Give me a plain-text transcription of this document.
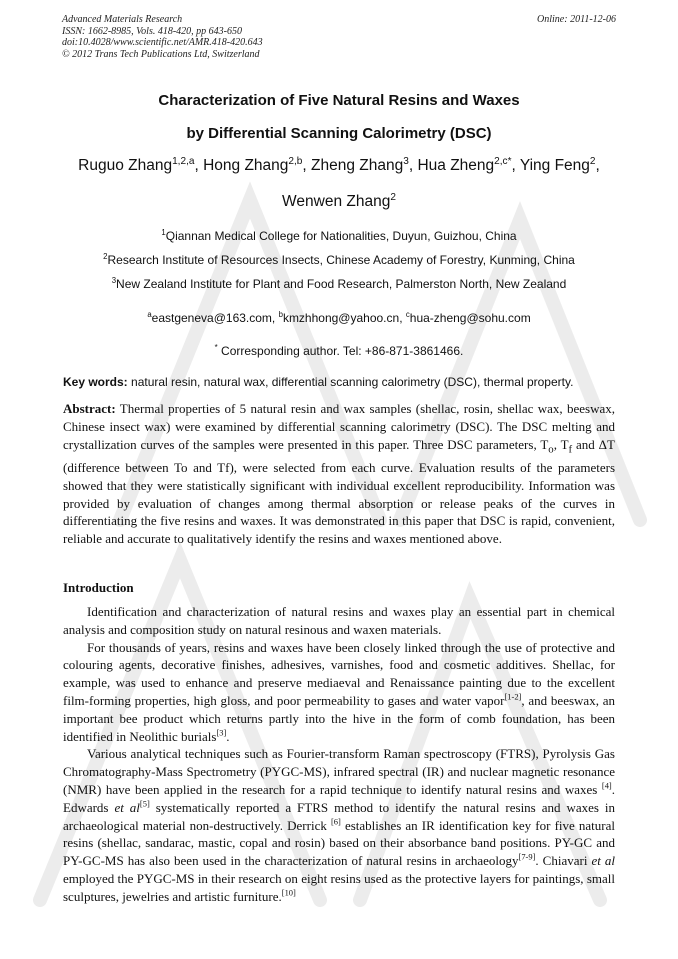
Advanced Materials Research
ISSN: 1662-8985, Vols. 418-420, pp 643-650
doi:10.4028/www.scientific.net/AMR.418-420.643
© 2012 Trans Tech Publications Ltd, Switzerland
Online: 2011-12-06
Characterization of Five Natural Resins and Waxes
by Differential Scanning Calorimetry (DSC)
Ruguo Zhang$^{1,2,a}$, Hong Zhang$^{2,b}$, Zheng Zhang$^3$, Hua Zheng$^{2,c*}$, Ying Feng$^2$,
Wenwen Zhang$^2$
$^1$Qiannan Medical College for Nationalities, Duyun, Guizhou, China
$^2$Research Institute of Resources Insects, Chinese Academy of Forestry, Kunming, China
$^3$New Zealand Institute for Plant and Food Research, Palmerston North, New Zealand
$^a$eastgeneva@163.com, $^b$kmzhhong@yahoo.cn, $^c$hua-zheng@sohu.com
* Corresponding author. Tel: +86-871-3861466.
Key words: natural resin, natural wax, differential scanning calorimetry (DSC), thermal property.

Abstract: Thermal properties of 5 natural resin and wax samples (shellac, rosin, shellac wax, beeswax, Chinese insect wax) were examined by differential scanning calorimetry (DSC). The DSC melting and crystallization curves of the samples were presented in this paper. Three DSC parameters, $T_o$, $T_f$ and ΔT (difference between To and Tf), were selected from each curve. Evaluation results of the parameters showed that they were statistically significant with individual excellent reproducibility. Information was provided by evaluation of changes among thermal absorption or release peaks of the curves in differentiating the five resins and waxes. It was demonstrated in this paper that DSC is rapid, convenient, reliable and accurate to qualitatively identify the resins and waxes mentioned above.

Introduction

Identification and characterization of natural resins and waxes play an essential part in chemical analysis and composition study on natural resinous and waxen materials.

For thousands of years, resins and waxes have been closely linked through the use of protective and colouring agents, decorative finishes, adhesives, varnishes, food and cosmetic additives. Shellac, for example, was used to enhance and preserve mediaeval and Renaissance painting due to the excellent film-forming properties, high gloss, and poor permeability to gases and water vapor[1-2], and beeswax, an important bee product which returns partly into the hive in the form of comb foundation, has been identified in Neolithic burials[3].

Various analytical techniques such as Fourier-transform Raman spectroscopy (FTRS), Pyrolysis Gas Chromatography-Mass Spectrometry (PYGC-MS), infrared spectral (IR) and nuclear magnetic resonance (NMR) have been applied in the research for a rapid technique to identify natural resins and waxes [4]. Edwards et al[5] systematically reported a FTRS method to identify the natural resins and waxes in archaeological material non-destructively. Derrick [6] establishes an IR identification key for five natural resins (shellac, sandarac, mastic, copal and rosin) based on their absorbance band positions. PY-GC and PY-GC-MS has also been used in the characterization of natural resins in archaeology[7-9]. Chiavari et al employed the PYGC-MS in their research on eight resins used as the protective layers for paintings, small sculptures, jewelries and artistic furniture.[10]
